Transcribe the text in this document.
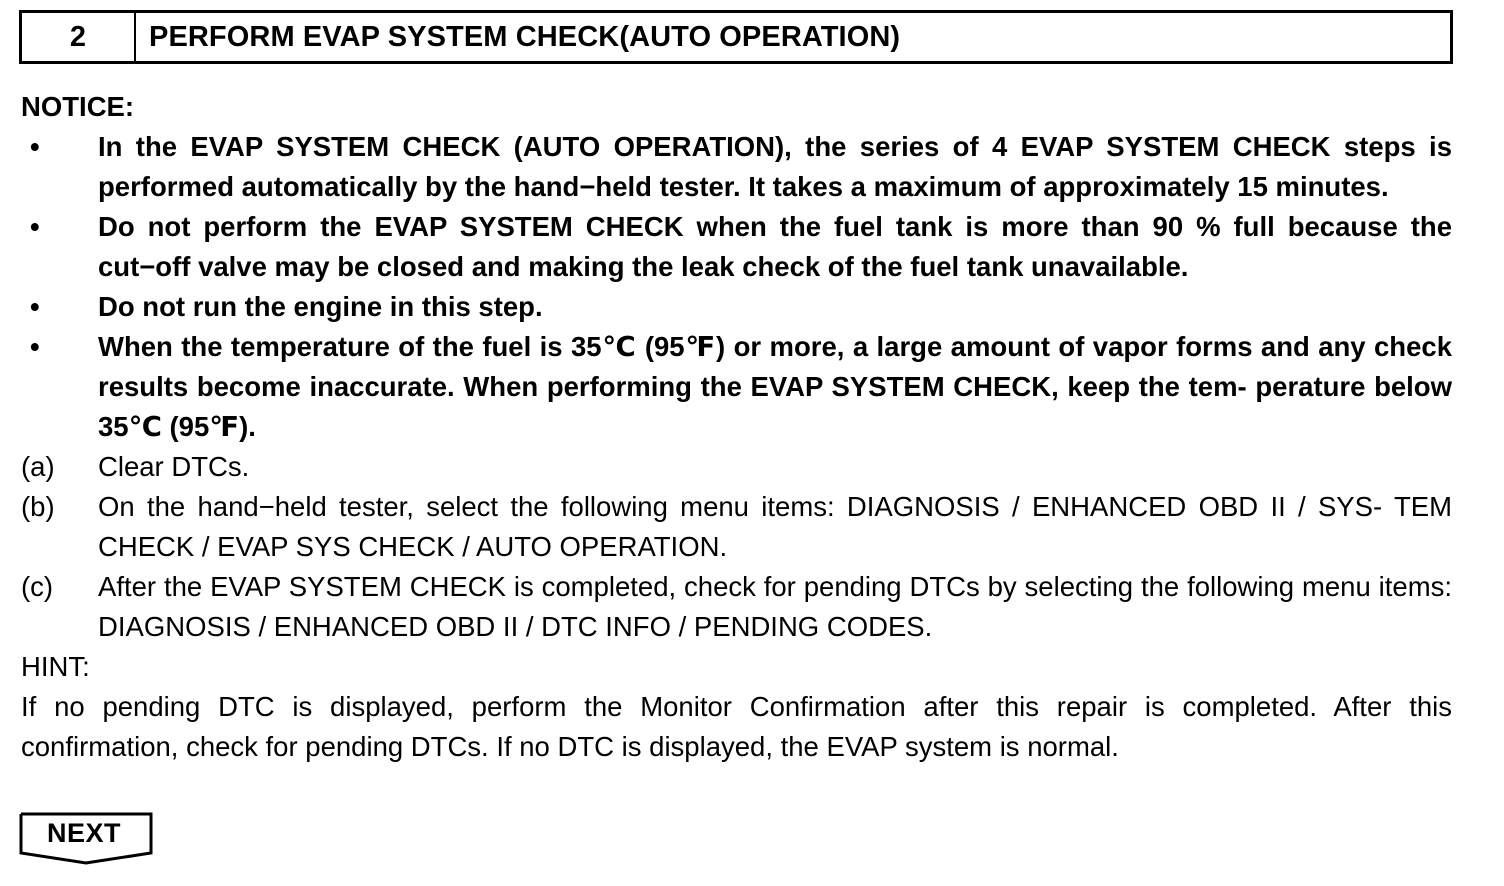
2	PERFORM EVAP SYSTEM CHECK(AUTO OPERATION)
NOTICE:
•	In the EVAP SYSTEM CHECK (AUTO OPERATION), the series of 4 EVAP SYSTEM CHECK steps is performed automatically by the hand−held tester. It takes a maximum of approximately 15 minutes.
•	Do not perform the EVAP SYSTEM CHECK when the fuel tank is more than 90 % full because the cut−off valve may be closed and making the leak check of the fuel tank unavailable.
•	Do not run the engine in this step.
•	When the temperature of the fuel is 35℃ (95℉) or more, a large amount of vapor forms and any check results become inaccurate. When performing the EVAP SYSTEM CHECK, keep the tem- perature below 35℃ (95℉).
(a)	Clear DTCs.
(b)	On the hand−held tester, select the following menu items: DIAGNOSIS / ENHANCED OBD II / SYS- TEM CHECK / EVAP SYS CHECK / AUTO OPERATION.
(c)	After the EVAP SYSTEM CHECK is completed, check for pending DTCs by selecting the following menu items: DIAGNOSIS / ENHANCED OBD II / DTC INFO / PENDING CODES.
HINT:
If no pending DTC is displayed, perform the Monitor Confirmation after this repair is completed. After this confirmation, check for pending DTCs. If no DTC is displayed, the EVAP system is normal.
NEXT
